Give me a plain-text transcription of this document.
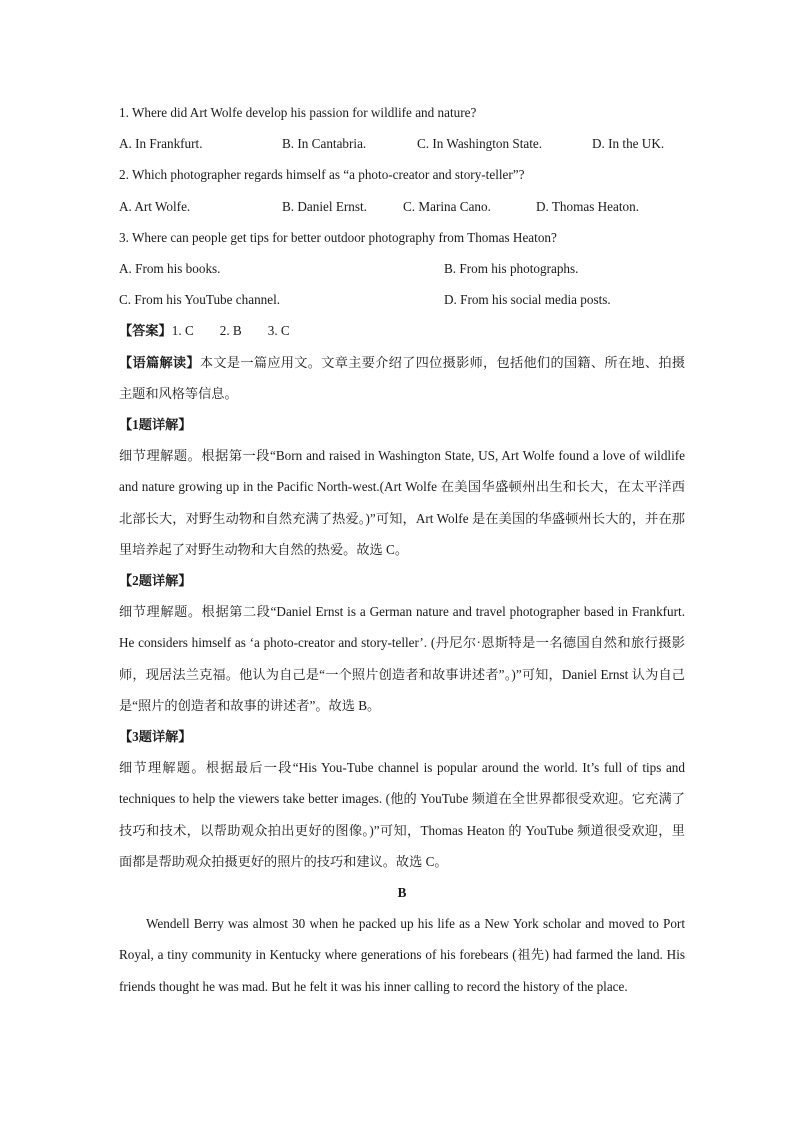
1. Where did Art Wolfe develop his passion for wildlife and nature?
A. In Frankfurt.	B. In Cantabria.	C. In Washington State.	D. In the UK.
2. Which photographer regards himself as “a photo-creator and story-teller”?
A. Art Wolfe.	B. Daniel Ernst.	C. Marina Cano.	D. Thomas Heaton.
3. Where can people get tips for better outdoor photography from Thomas Heaton?
A. From his books.	B. From his photographs.
C. From his YouTube channel.	D. From his social media posts.
【答案】 1. C 2. B 3. C
【语篇解读】本文是一篇应用文。文章主要介绍了四位摄影师，包括他们的国籍、所在地、拍摄主题和风格等信息。
【1题详解】
细节理解题。根据第一段“Born and raised in Washington State, US, Art Wolfe found a love of wildlife and nature growing up in the Pacific North-west.(Art Wolfe 在美国华盛顿州出生和长大，在太平洋西北部长大，对野生动物和自然充满了热爱。)”可知，Art Wolfe 是在美国的华盛顿州长大的，并在那里培养起了对野生动物和大自然的热爱。故选 C。
【2题详解】
细节理解题。根据第二段“Daniel Ernst is a German nature and travel photographer based in Frankfurt. He considers himself as ‘a photo-creator and story-teller’. (丹尼尔·恩斯特是一名德国自然和旅行摄影师，现居法兰克福。他认为自己是“一个照片创造者和故事讲述者”。)”可知，Daniel Ernst 认为自己是“照片的创造者和故事的讲述者”。故选 B。
【3题详解】
细节理解题。根据最后一段“His You-Tube channel is popular around the world. It’s full of tips and techniques to help the viewers take better images. (他的 YouTube 频道在全世界都很受欢迎。它充满了技巧和技术，以帮助观众拍出更好的图像。)”可知，Thomas Heaton 的 YouTube 频道很受欢迎，里面都是帮助观众拍摄更好的照片的技巧和建议。故选 C。
B
Wendell Berry was almost 30 when he packed up his life as a New York scholar and moved to Port Royal, a tiny community in Kentucky where generations of his forebears (祖先) had farmed the land. His friends thought he was mad. But he felt it was his inner calling to record the history of the place.
